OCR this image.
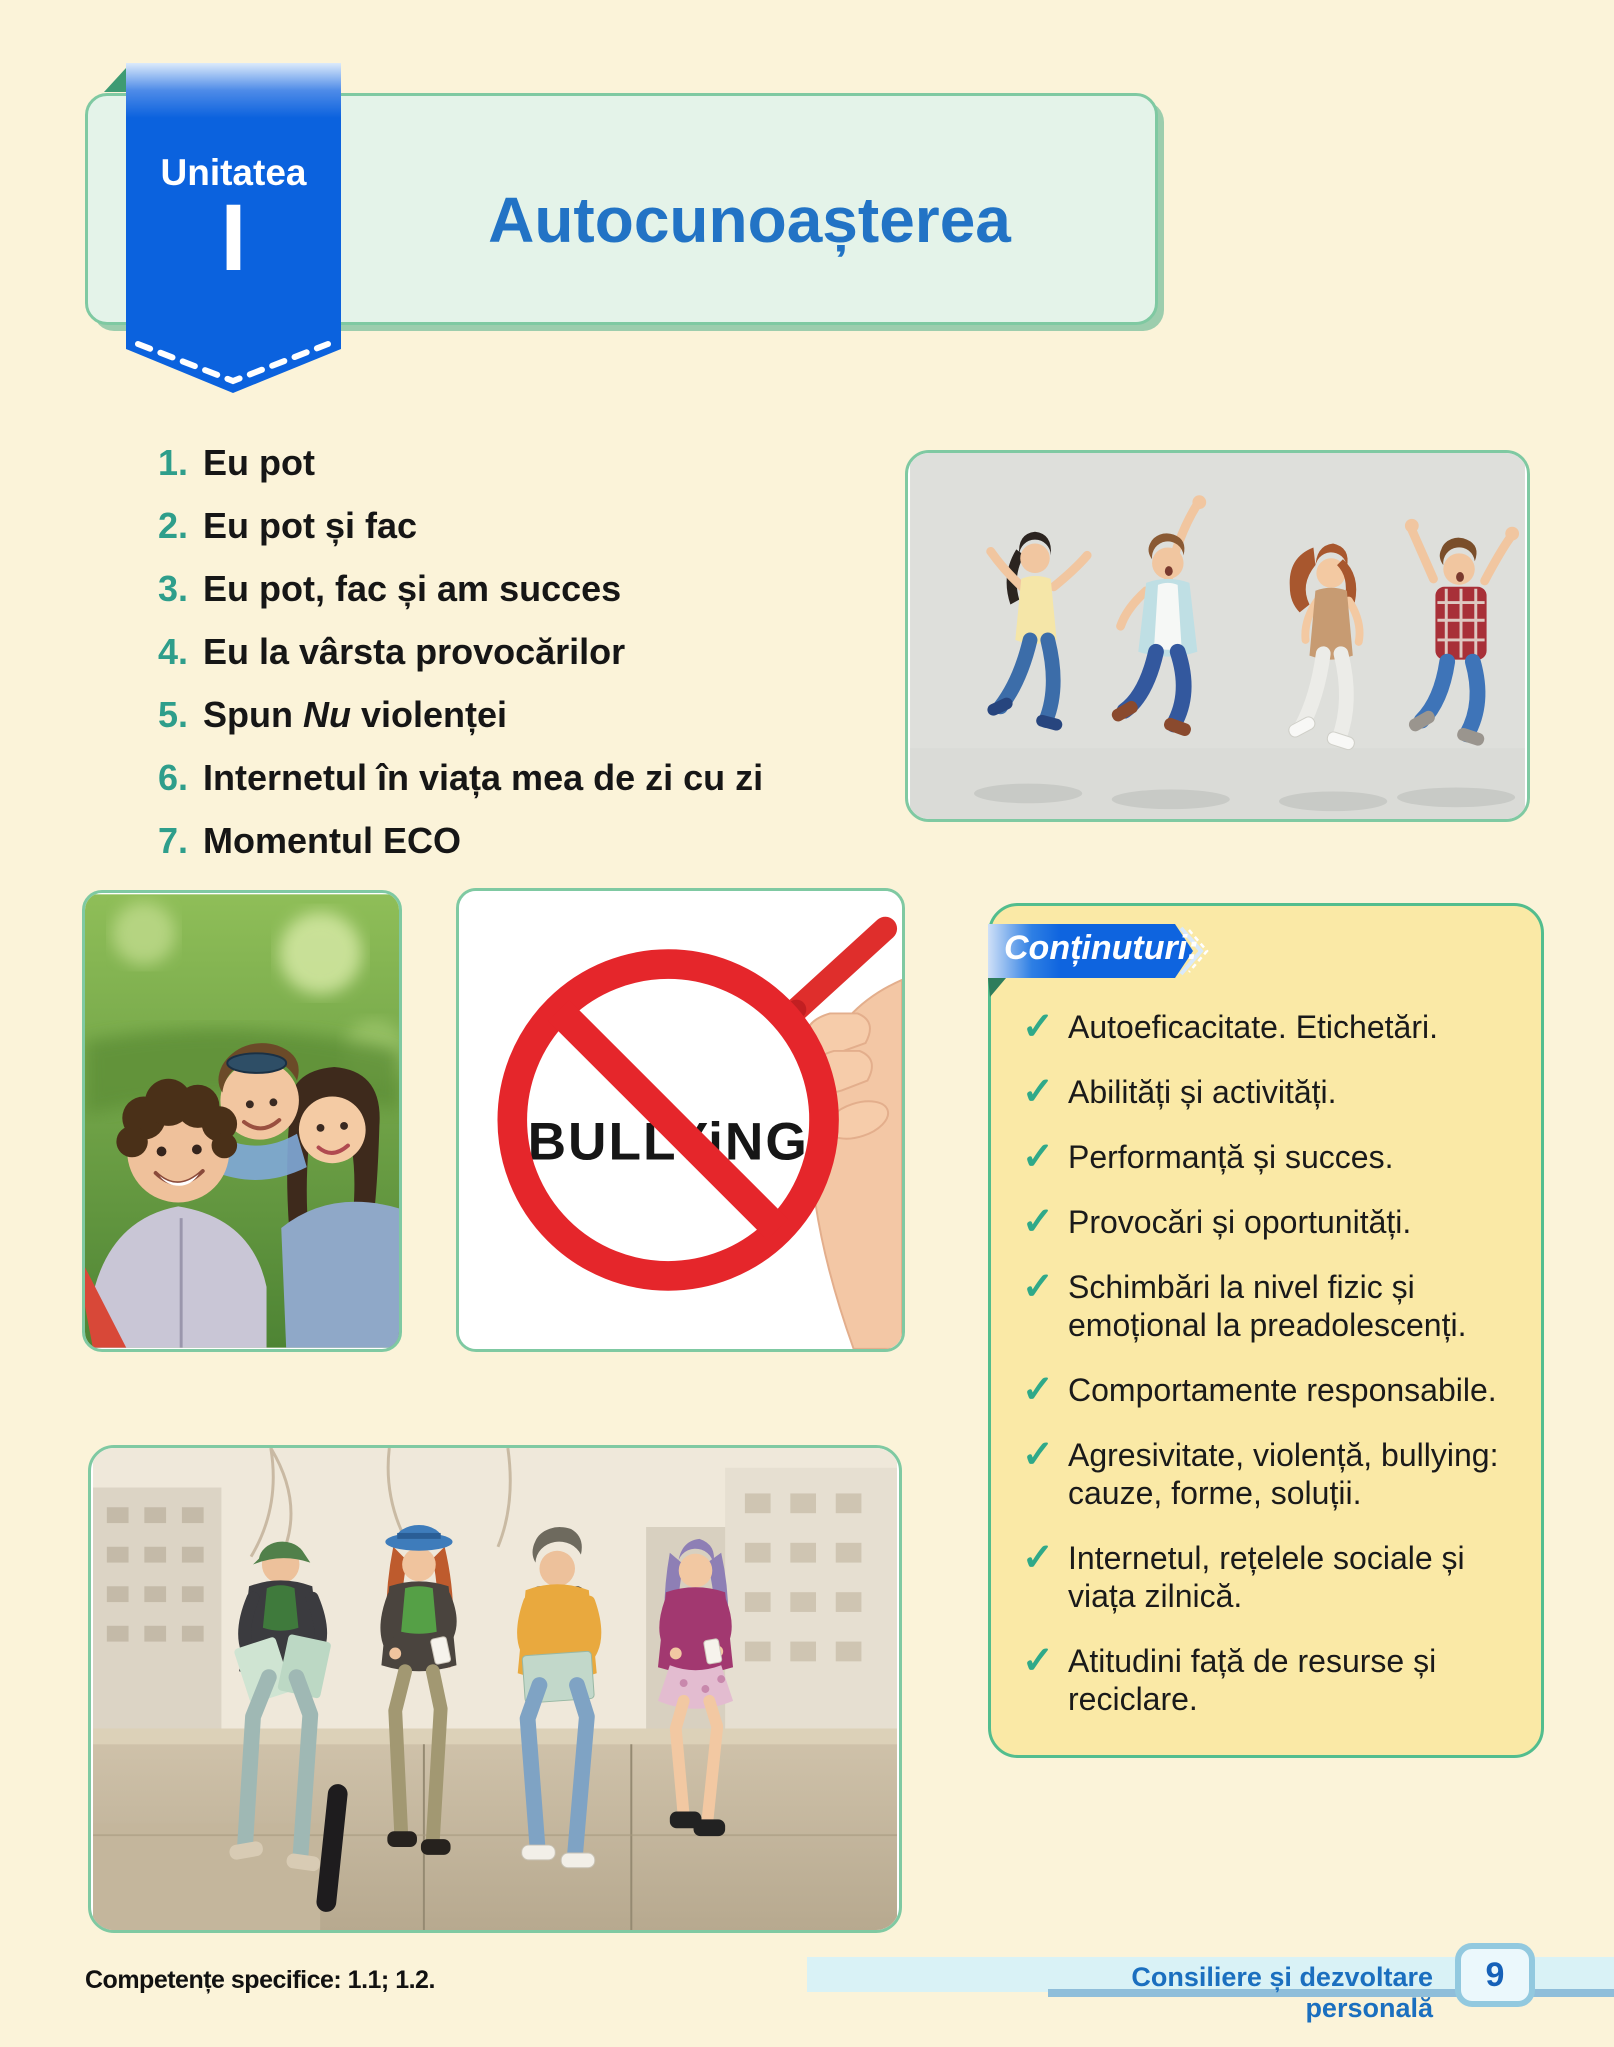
Unitatea
I	Autocunoașterea
1. Eu pot
2. Eu pot și fac
3. Eu pot, fac și am succes
4. Eu la vârsta provocărilor
5. Spun Nu violenței
6. Internetul în viața mea de zi cu zi
7. Momentul ECO
BULLYiNG
Conținuturi:
✓ Autoeficacitate. Etichetări.
✓ Abilități și activități.
✓ Performanță și succes.
✓ Provocări și oportunități.
✓ Schimbări la nivel fizic și emoțional la preadolescenți.
✓ Comportamente responsabile.
✓ Agresivitate, violență, bullying: cauze, forme, soluții.
✓ Internetul, rețelele sociale și viața zilnică.
✓ Atitudini față de resurse și reciclare.
Competențe specifice: 1.1; 1.2.	Consiliere și dezvoltare personală
9
